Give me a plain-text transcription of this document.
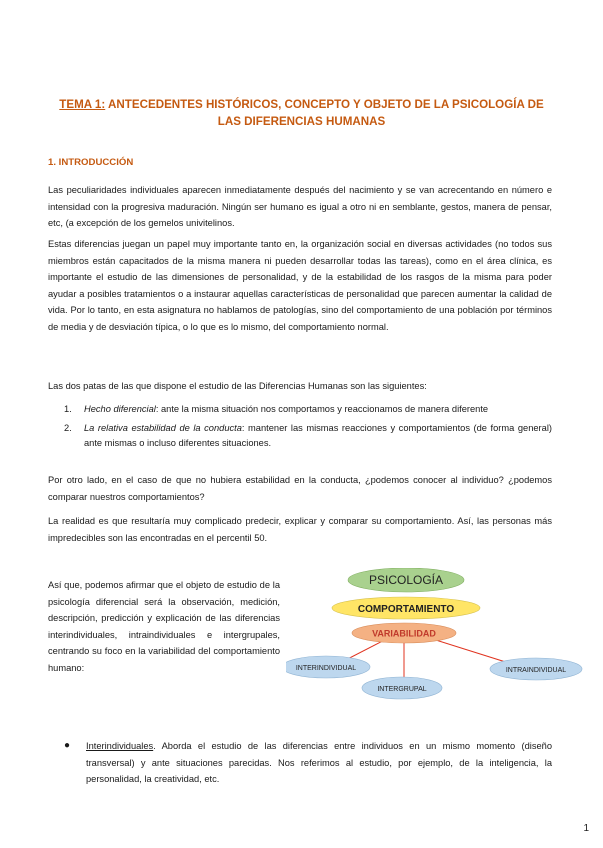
TEMA 1: ANTECEDENTES HISTÓRICOS, CONCEPTO Y OBJETO DE LA PSICOLOGÍA DE
LAS DIFERENCIAS HUMANAS
1. INTRODUCCIÓN

Las peculiaridades individuales aparecen inmediatamente después del nacimiento y se van acrecentando en número e intensidad con la progresiva maduración. Ningún ser humano es igual a otro ni en semblante, gestos, manera de pensar, etc, (a excepción de los gemelos univitelinos.

Estas diferencias juegan un papel muy importante tanto en, la organización social en diversas actividades (no todos sus miembros están capacitados de la misma manera ni pueden desarrollar todas las tareas), como en el área clínica, es importante el estudio de las dimensiones de personalidad, y de la estabilidad de los rasgos de la misma para poder ayudar a posibles tratamientos o a instaurar aquellas características de personalidad que parecen aumentar la calidad de vida. Por lo tanto, en esta asignatura no hablamos de patologías, sino del comportamiento de una población por términos de media y de desviación típica, o lo que es lo mismo, del comportamiento normal.

Las dos patas de las que dispone el estudio de las Diferencias Humanas son las siguientes:

1.	Hecho diferencial: ante la misma situación nos comportamos y reaccionamos de manera diferente
2.	La relativa estabilidad de la conducta: mantener las mismas reacciones y comportamientos (de forma general) ante mismas o incluso diferentes situaciones.

Por otro lado, en el caso de que no hubiera estabilidad en la conducta, ¿podemos conocer al individuo? ¿podemos comparar nuestros comportamientos?

La realidad es que resultaría muy complicado predecir, explicar y comparar su comportamiento. Así, las personas más impredecibles son las encontradas en el percentil 50.

Así que, podemos afirmar que el objeto de estudio de la psicología diferencial será la observación, medición, descripción, predicción y explicación de las diferencias interindividuales, intraindividuales e intergrupales, centrando su foco en la variabilidad del comportamiento humano:

PSICOLOGÍA
COMPORTAMIENTO
VARIABILIDAD
INTERINDIVIDUAL	INTRAINDIVIDUAL
INTERGRUPAL
●	Interindividuales. Aborda el estudio de las diferencias entre individuos en un mismo momento (diseño transversal) y ante situaciones parecidas. Nos referimos al estudio, por ejemplo, de la inteligencia, la personalidad, la creatividad, etc.
1
